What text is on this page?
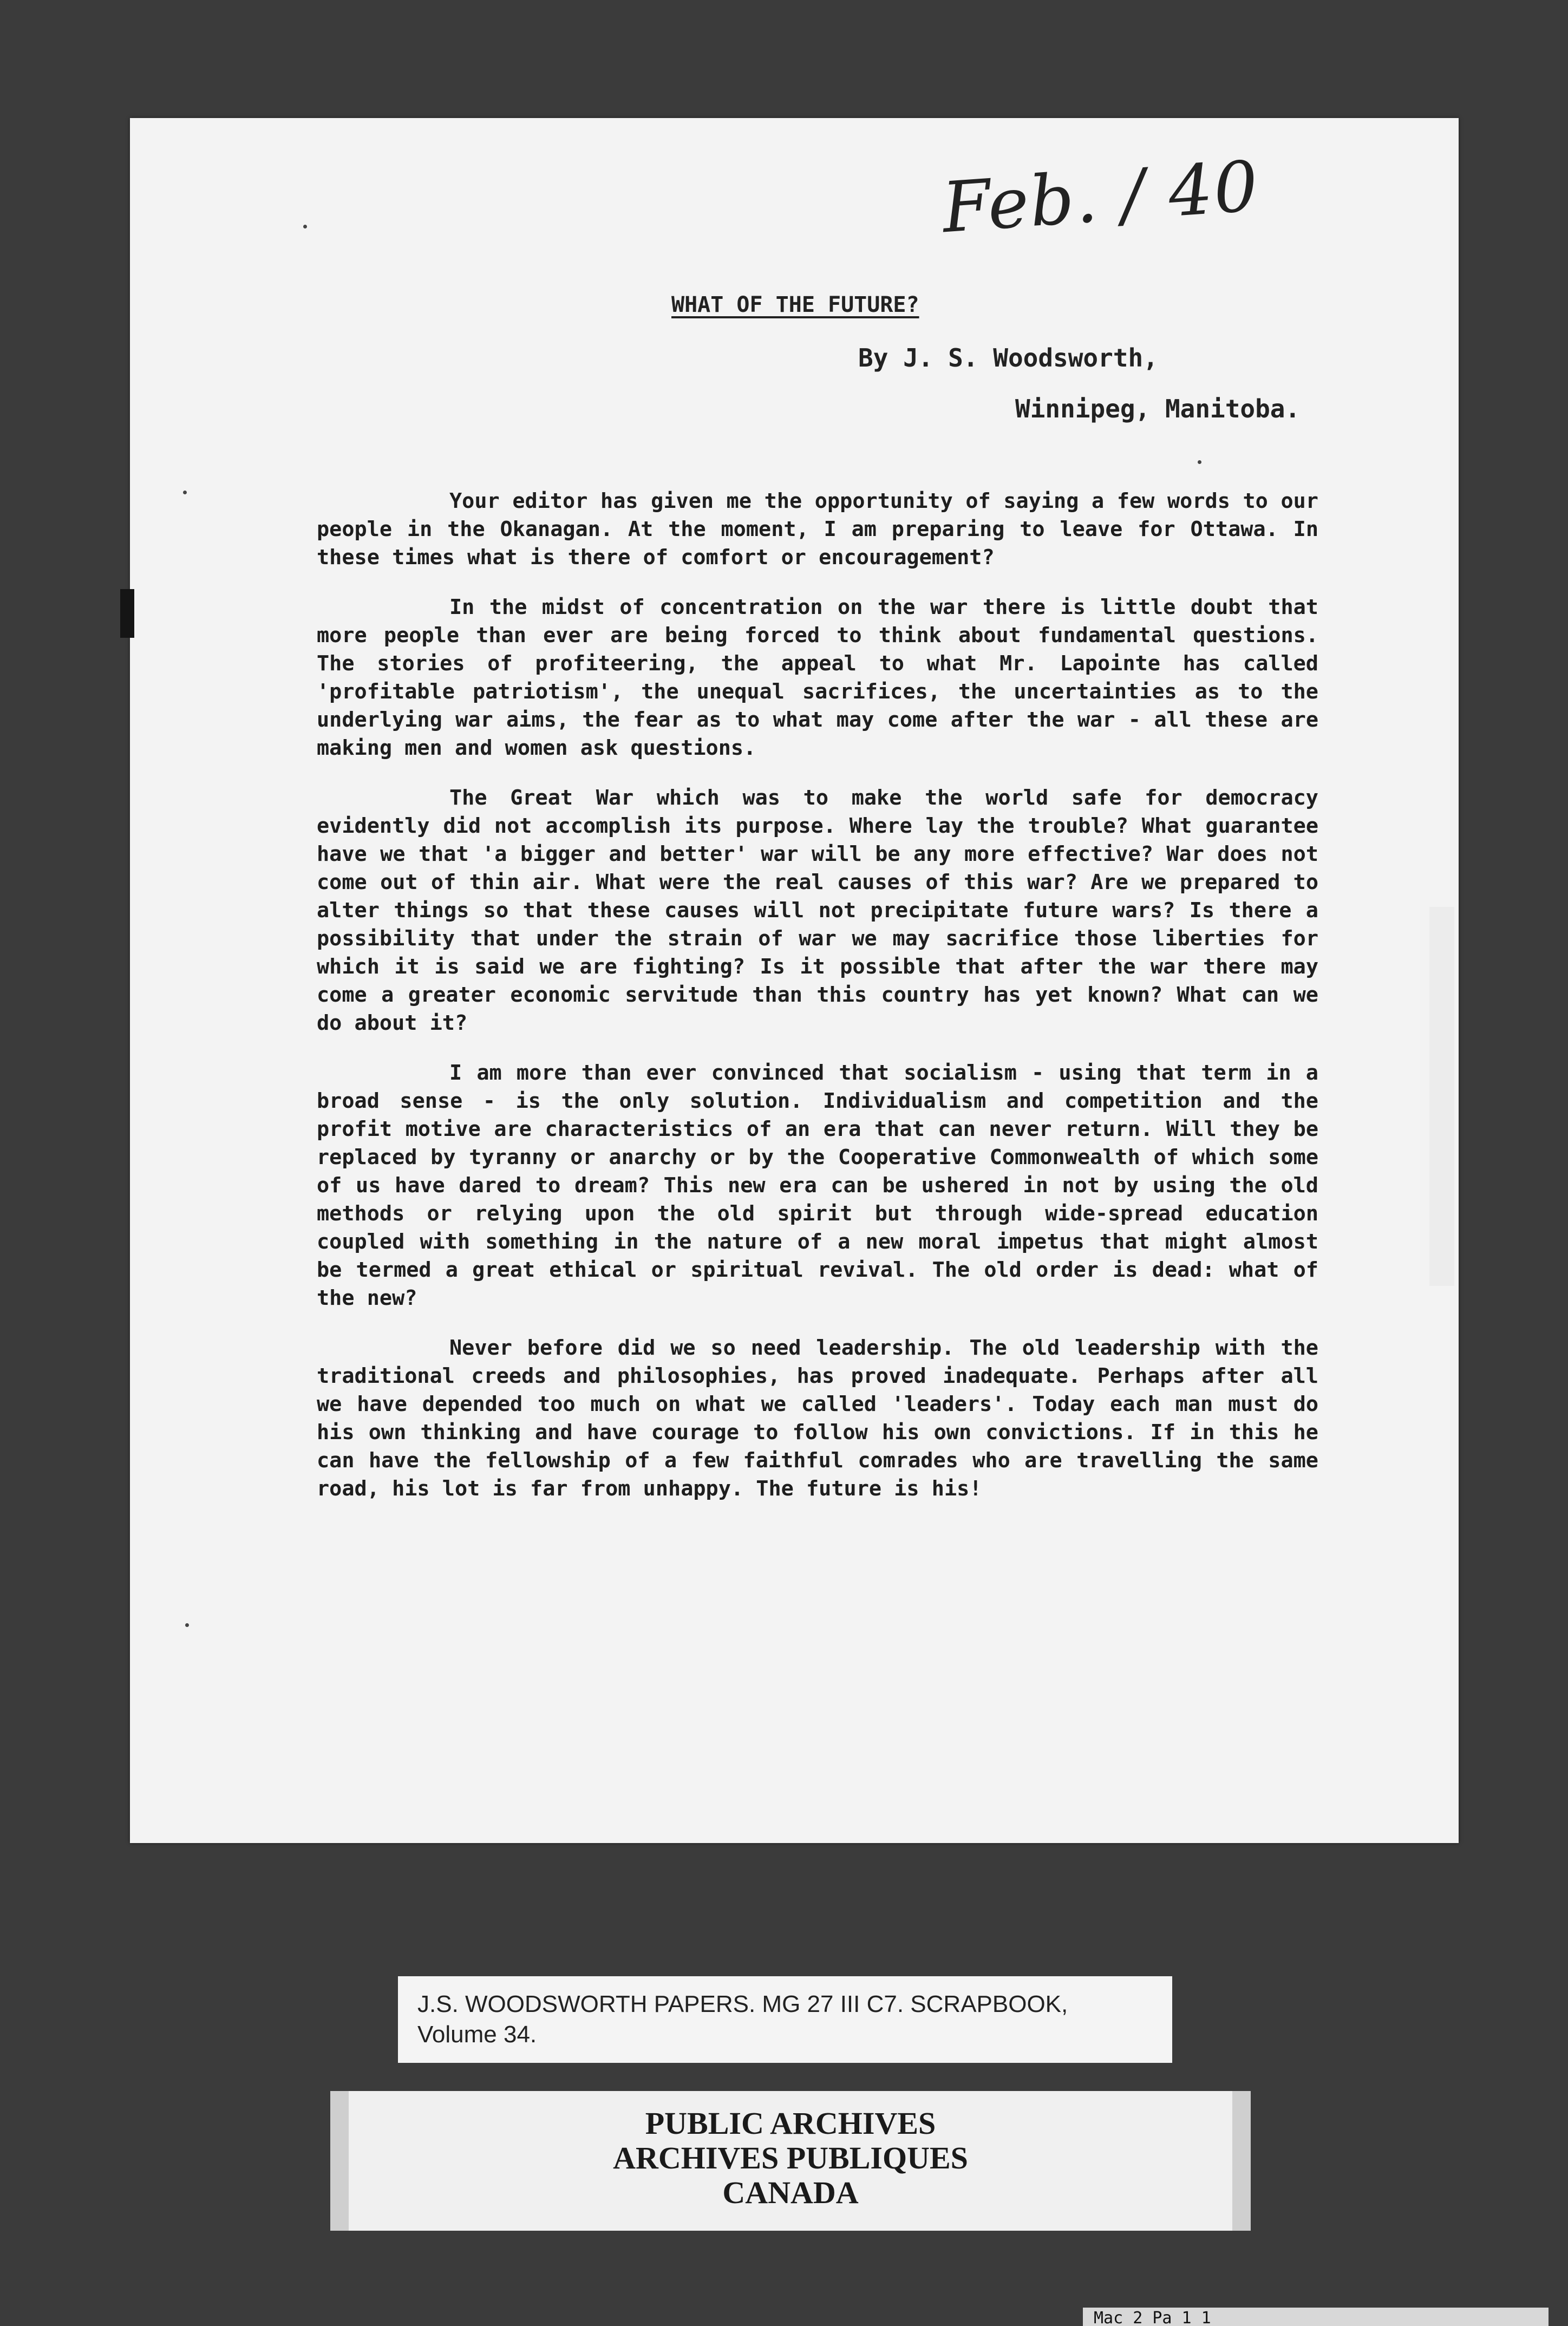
Feb. / 40
WHAT OF THE FUTURE?
By J. S. Woodsworth,
Winnipeg, Manitoba.

Your editor has given me the opportunity of saying a few words to our people in the Okanagan. At the moment, I am preparing to leave for Ottawa. In these times what is there of comfort or encouragement?

In the midst of concentration on the war there is little doubt that more people than ever are being forced to think about fundamental questions. The stories of profiteering, the appeal to what Mr. Lapointe has called 'profitable patriotism', the unequal sacrifices, the uncertainties as to the underlying war aims, the fear as to what may come after the war - all these are making men and women ask questions.

The Great War which was to make the world safe for democracy evidently did not accomplish its purpose. Where lay the trouble? What guarantee have we that 'a bigger and better' war will be any more effective? War does not come out of thin air. What were the real causes of this war? Are we prepared to alter things so that these causes will not precipitate future wars? Is there a possibility that under the strain of war we may sacrifice those liberties for which it is said we are fighting? Is it possible that after the war there may come a greater economic servitude than this country has yet known? What can we do about it?

I am more than ever convinced that socialism - using that term in a broad sense - is the only solution. Individualism and competition and the profit motive are characteristics of an era that can never return. Will they be replaced by tyranny or anarchy or by the Cooperative Commonwealth of which some of us have dared to dream? This new era can be ushered in not by using the old methods or relying upon the old spirit but through wide-spread education coupled with something in the nature of a new moral impetus that might almost be termed a great ethical or spiritual revival. The old order is dead: what of the new?

Never before did we so need leadership. The old leadership with the traditional creeds and philosophies, has proved inadequate. Perhaps after all we have depended too much on what we called 'leaders'. Today each man must do his own thinking and have courage to follow his own convictions. If in this he can have the fellowship of a few faithful comrades who are travelling the same road, his lot is far from unhappy. The future is his!

J.S. WOODSWORTH PAPERS. MG 27 III C7. SCRAPBOOK,
Volume 34.
PUBLIC ARCHIVES
ARCHIVES PUBLIQUES
CANADA
Mac 2 Pa 1 1
